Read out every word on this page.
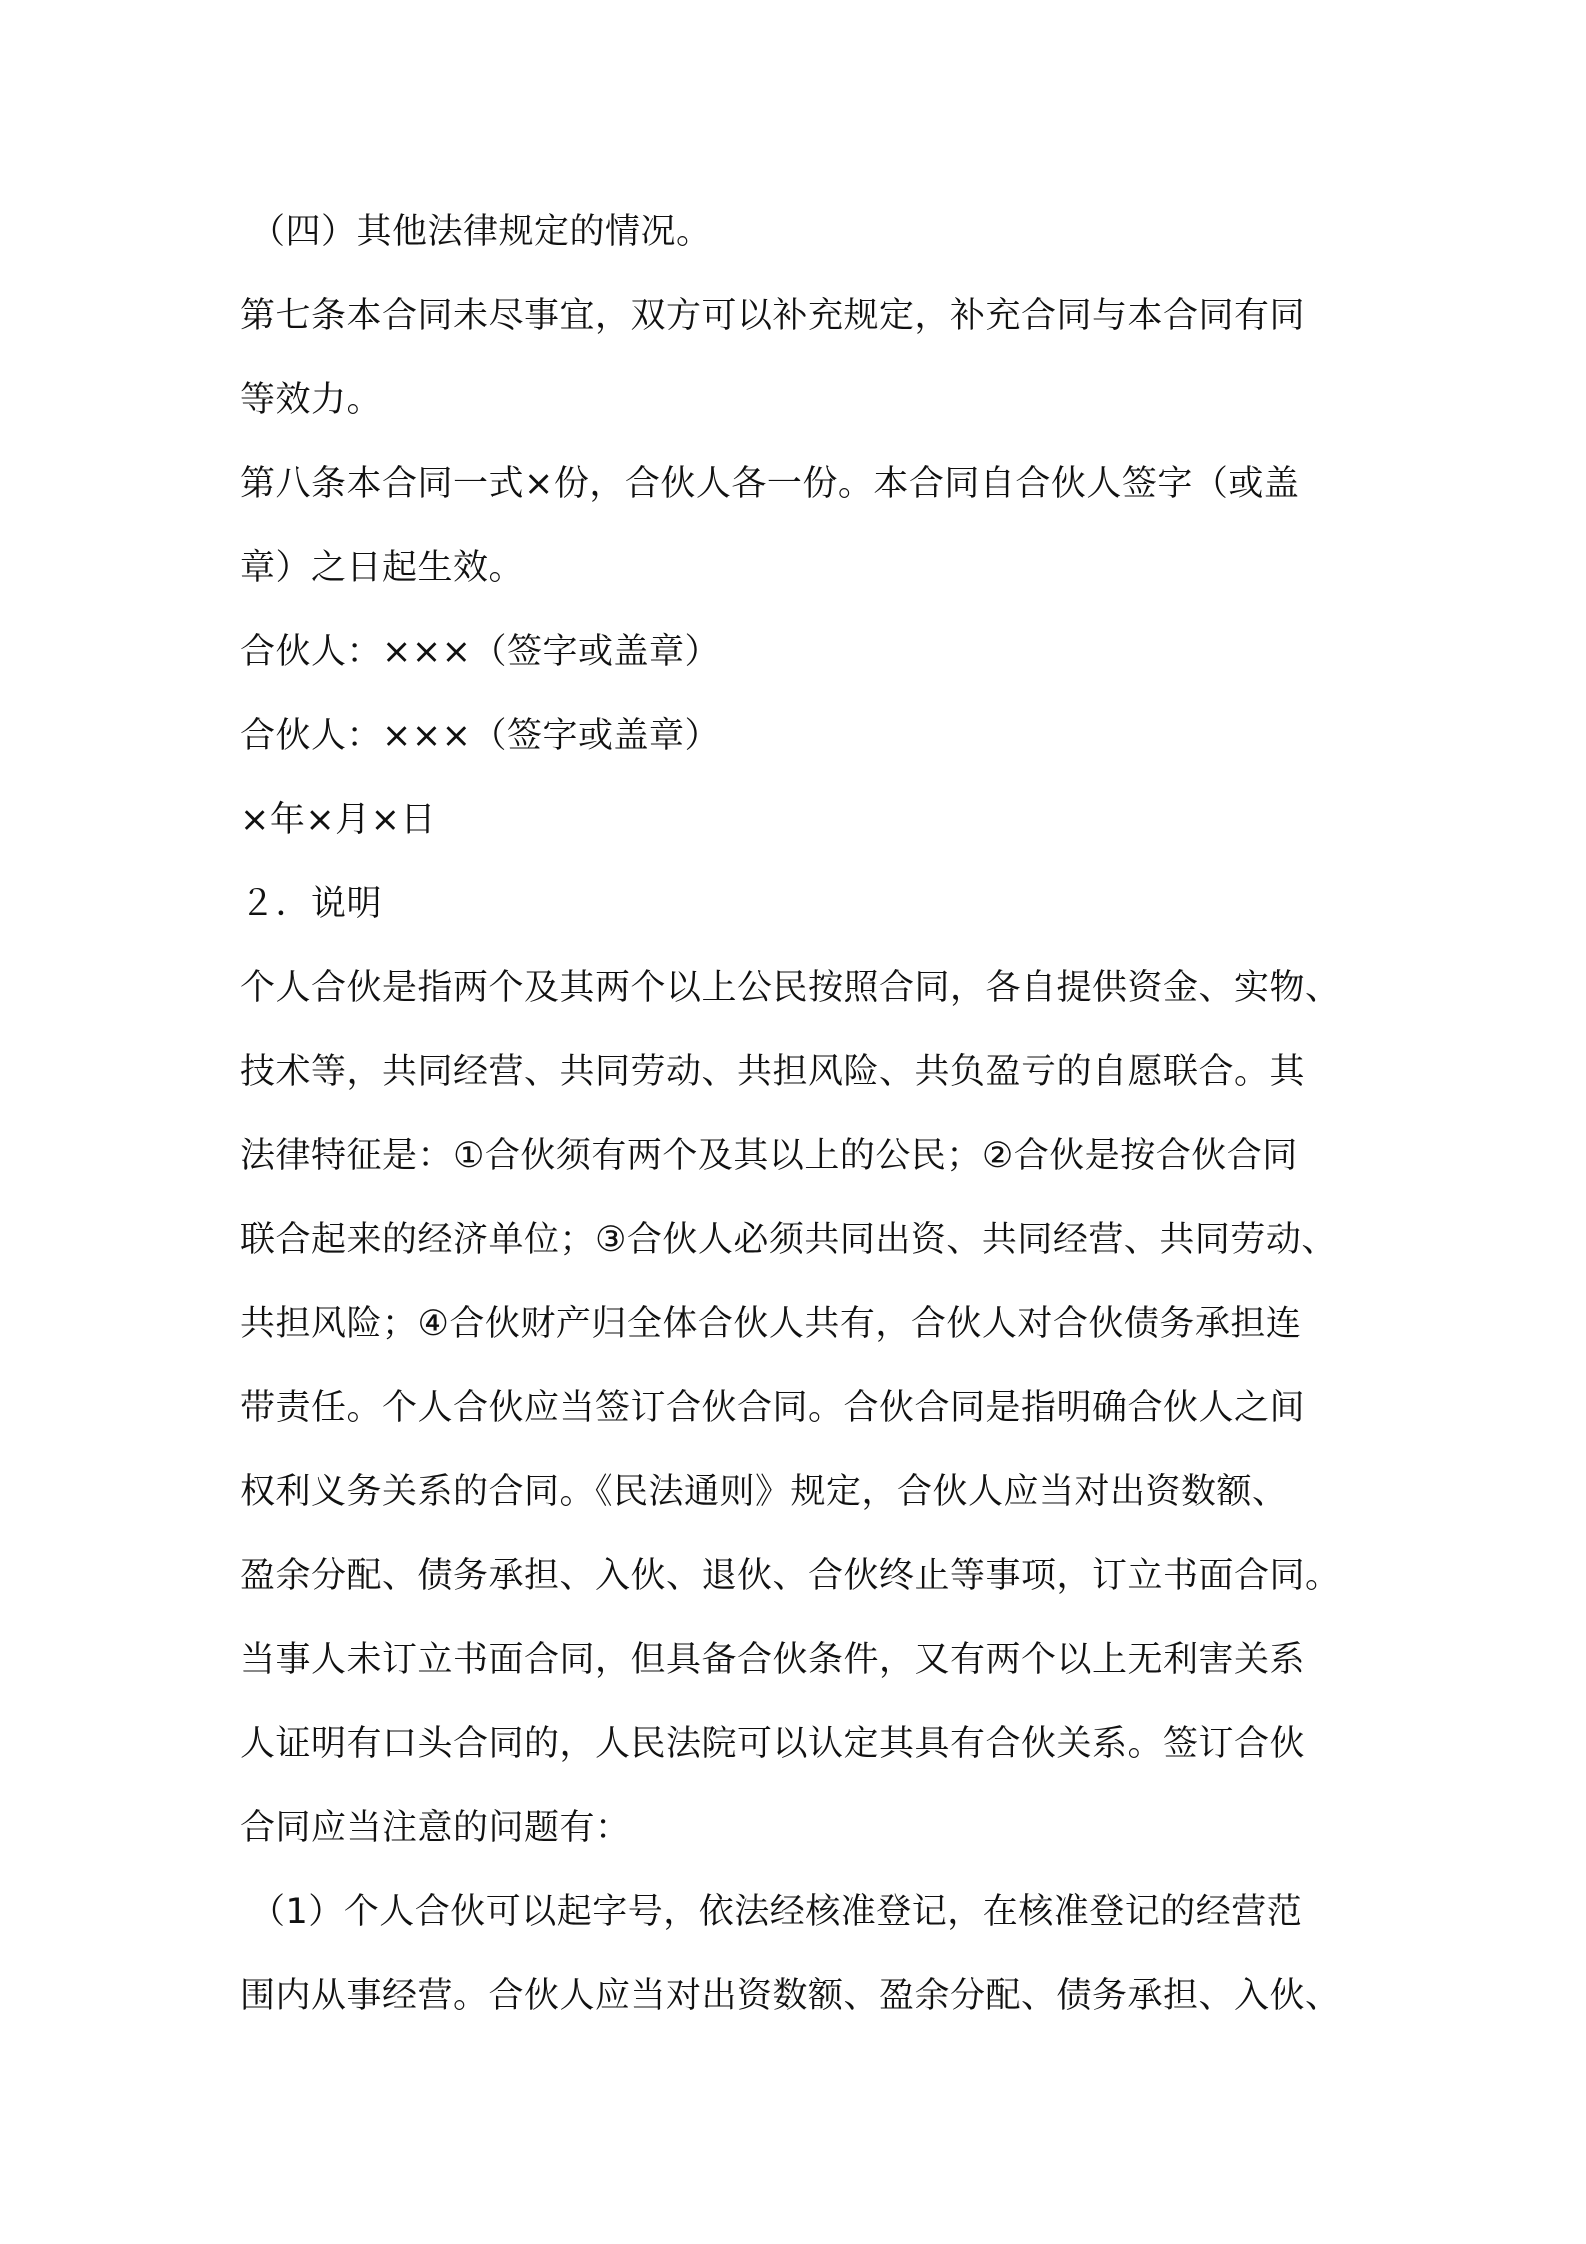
（四）其他法律规定的情况。
第七条本合同未尽事宜，双方可以补充规定，补充合同与本合同有同
等效力。
第八条本合同一式×份，合伙人各一份。本合同自合伙人签字（或盖
章）之日起生效。
合伙人：×××（签字或盖章）
合伙人：×××（签字或盖章）
×年×月×日
２．说明
个人合伙是指两个及其两个以上公民按照合同，各自提供资金、实物、
技术等，共同经营、共同劳动、共担风险、共负盈亏的自愿联合。其
法律特征是：①合伙须有两个及其以上的公民；②合伙是按合伙合同
联合起来的经济单位；③合伙人必须共同出资、共同经营、共同劳动、
共担风险；④合伙财产归全体合伙人共有，合伙人对合伙债务承担连
带责任。个人合伙应当签订合伙合同。合伙合同是指明确合伙人之间
权利义务关系的合同。《民法通则》规定，合伙人应当对出资数额、
盈余分配、债务承担、入伙、退伙、合伙终止等事项，订立书面合同。
当事人未订立书面合同，但具备合伙条件，又有两个以上无利害关系
人证明有口头合同的，人民法院可以认定其具有合伙关系。签订合伙
合同应当注意的问题有：
（1）个人合伙可以起字号，依法经核准登记，在核准登记的经营范
围内从事经营。合伙人应当对出资数额、盈余分配、债务承担、入伙、
